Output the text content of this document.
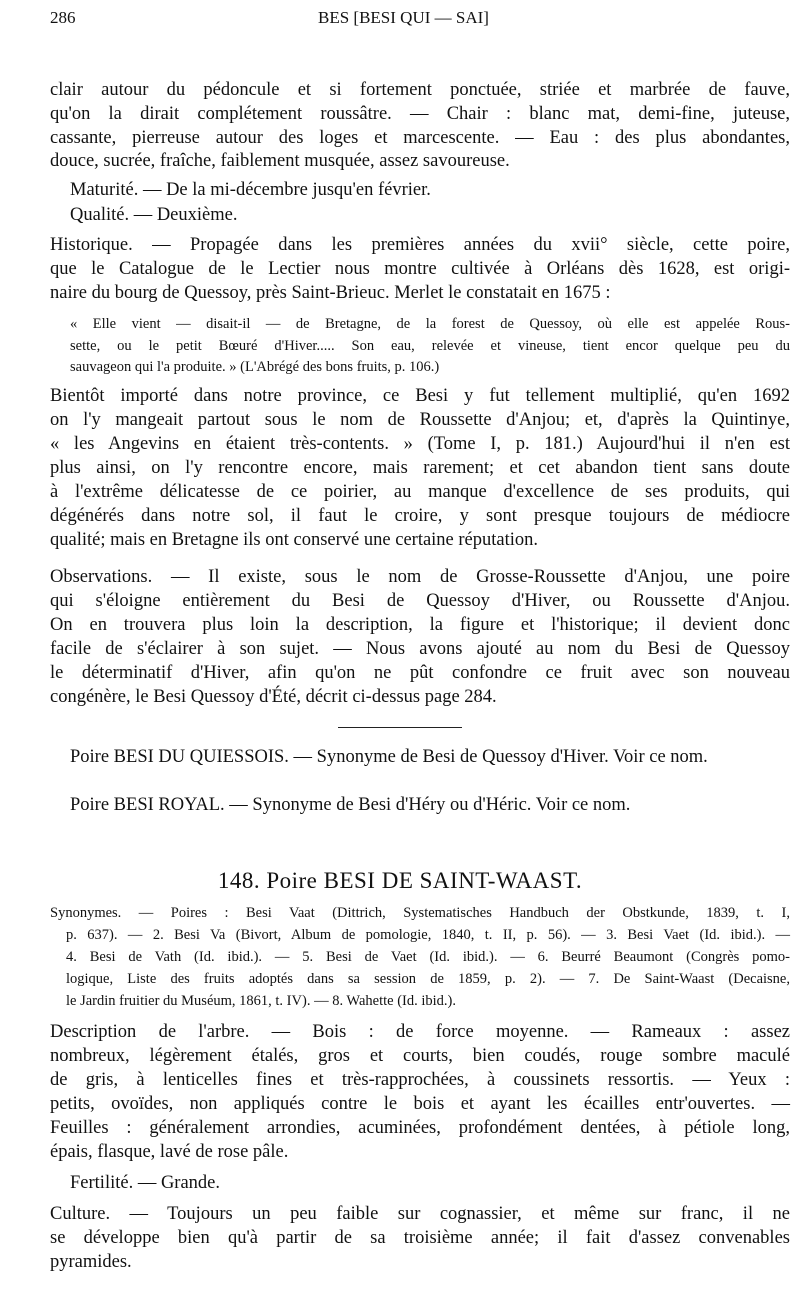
286	BES [BESI QUI — SAI]
148. Poire BESI DE SAINT-WAAST.
clair autour du pédoncule et si fortement ponctuée, striée et marbrée de fauve,
qu'on la dirait complétement roussâtre. — Chair : blanc mat, demi-fine, juteuse,
cassante, pierreuse autour des loges et marcescente. — Eau : des plus abondantes,
douce, sucrée, fraîche, faiblement musquée, assez savoureuse.
Maturité. — De la mi-décembre jusqu'en février.
Qualité. — Deuxième.
Historique. — Propagée dans les premières années du xvii° siècle, cette poire,
que le Catalogue de le Lectier nous montre cultivée à Orléans dès 1628, est origi-
naire du bourg de Quessoy, près Saint-Brieuc. Merlet le constatait en 1675 :
« Elle vient — disait-il — de Bretagne, de la forest de Quessoy, où elle est appelée Rous-
sette, ou le petit Bœuré d'Hiver..... Son eau, relevée et vineuse, tient encor quelque peu du
sauvageon qui l'a produite. » (L'Abrégé des bons fruits, p. 106.)
Bientôt importé dans notre province, ce Besi y fut tellement multiplié, qu'en 1692
on l'y mangeait partout sous le nom de Roussette d'Anjou; et, d'après la Quintinye,
« les Angevins en étaient très-contents. » (Tome I, p. 181.) Aujourd'hui il n'en est
plus ainsi, on l'y rencontre encore, mais rarement; et cet abandon tient sans doute
à l'extrême délicatesse de ce poirier, au manque d'excellence de ses produits, qui
dégénérés dans notre sol, il faut le croire, y sont presque toujours de médiocre
qualité; mais en Bretagne ils ont conservé une certaine réputation.
Observations. — Il existe, sous le nom de Grosse-Roussette d'Anjou, une poire
qui s'éloigne entièrement du Besi de Quessoy d'Hiver, ou Roussette d'Anjou.
On en trouvera plus loin la description, la figure et l'historique; il devient donc
facile de s'éclairer à son sujet. — Nous avons ajouté au nom du Besi de Quessoy
le déterminatif d'Hiver, afin qu'on ne pût confondre ce fruit avec son nouveau
congénère, le Besi Quessoy d'Été, décrit ci-dessus page 284.
Poire BESI DU QUIESSOIS. — Synonyme de Besi de Quessoy d'Hiver. Voir ce nom.
Poire BESI ROYAL. — Synonyme de Besi d'Héry ou d'Héric. Voir ce nom.
Synonymes. — Poires : Besi Vaat (Dittrich, Systematisches Handbuch der Obstkunde, 1839, t. I,
p. 637). — 2. Besi Va (Bivort, Album de pomologie, 1840, t. II, p. 56). — 3. Besi Vaet (Id. ibid.). —
4. Besi de Vath (Id. ibid.). — 5. Besi de Vaet (Id. ibid.). — 6. Beurré Beaumont (Congrès pomo-
logique, Liste des fruits adoptés dans sa session de 1859, p. 2). — 7. De Saint-Waast (Decaisne,
le Jardin fruitier du Muséum, 1861, t. IV). — 8. Wahette (Id. ibid.).
Description de l'arbre. — Bois : de force moyenne. — Rameaux : assez
nombreux, légèrement étalés, gros et courts, bien coudés, rouge sombre maculé
de gris, à lenticelles fines et très-rapprochées, à coussinets ressortis. — Yeux :
petits, ovoïdes, non appliqués contre le bois et ayant les écailles entr'ouvertes. —
Feuilles : généralement arrondies, acuminées, profondément dentées, à pétiole long,
épais, flasque, lavé de rose pâle.
Fertilité. — Grande.
Culture. — Toujours un peu faible sur cognassier, et même sur franc, il ne
se développe bien qu'à partir de sa troisième année; il fait d'assez convenables
pyramides.
